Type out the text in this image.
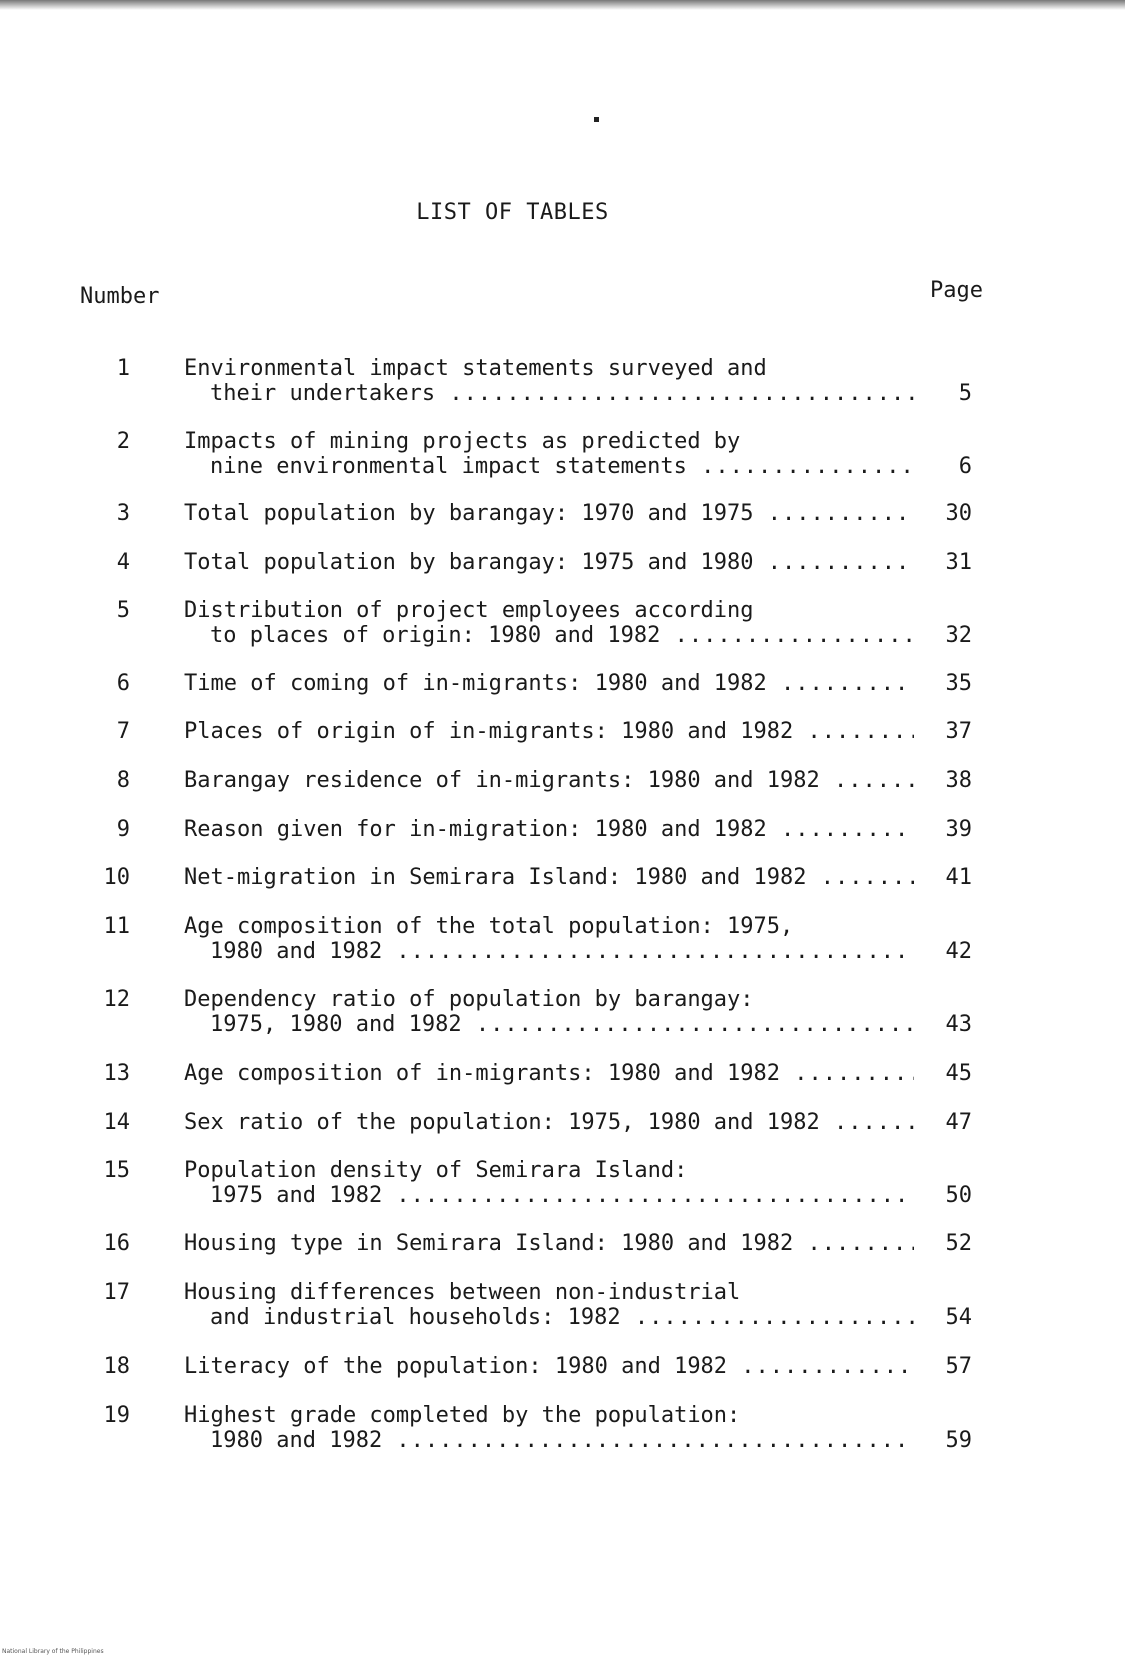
LIST OF TABLES
Number	Page
1 Environmental impact statements surveyed and
their undertakers .....	5
2 Impacts of mining projects as predicted by
nine environmental impact statements .....	6
3 Total population by barangay: 1970 and 1975 .....	30
4 Total population by barangay: 1975 and 1980 .....	31
5 Distribution of project employees according
to places of origin: 1980 and 1982 .....	32
6 Time of coming of in-migrants: 1980 and 1982 .....	35
7 Places of origin of in-migrants: 1980 and 1982 .....	37
8 Barangay residence of in-migrants: 1980 and 1982 .....	38
9 Reason given for in-migration: 1980 and 1982 .....	39
10 Net-migration in Semirara Island: 1980 and 1982 .....	41
11 Age composition of the total population: 1975,
1980 and 1982 .....	42
12 Dependency ratio of population by barangay:
1975, 1980 and 1982 .....	43
13 Age composition of in-migrants: 1980 and 1982 .....	45
14 Sex ratio of the population: 1975, 1980 and 1982 .....	47
15 Population density of Semirara Island:
1975 and 1982 .....	50
16 Housing type in Semirara Island: 1980 and 1982 .....	52
17 Housing differences between non-industrial
and industrial households: 1982 .....	54
18 Literacy of the population: 1980 and 1982 .....	57
19 Highest grade completed by the population:
1980 and 1982 .....	59
National Library of the Philippines
